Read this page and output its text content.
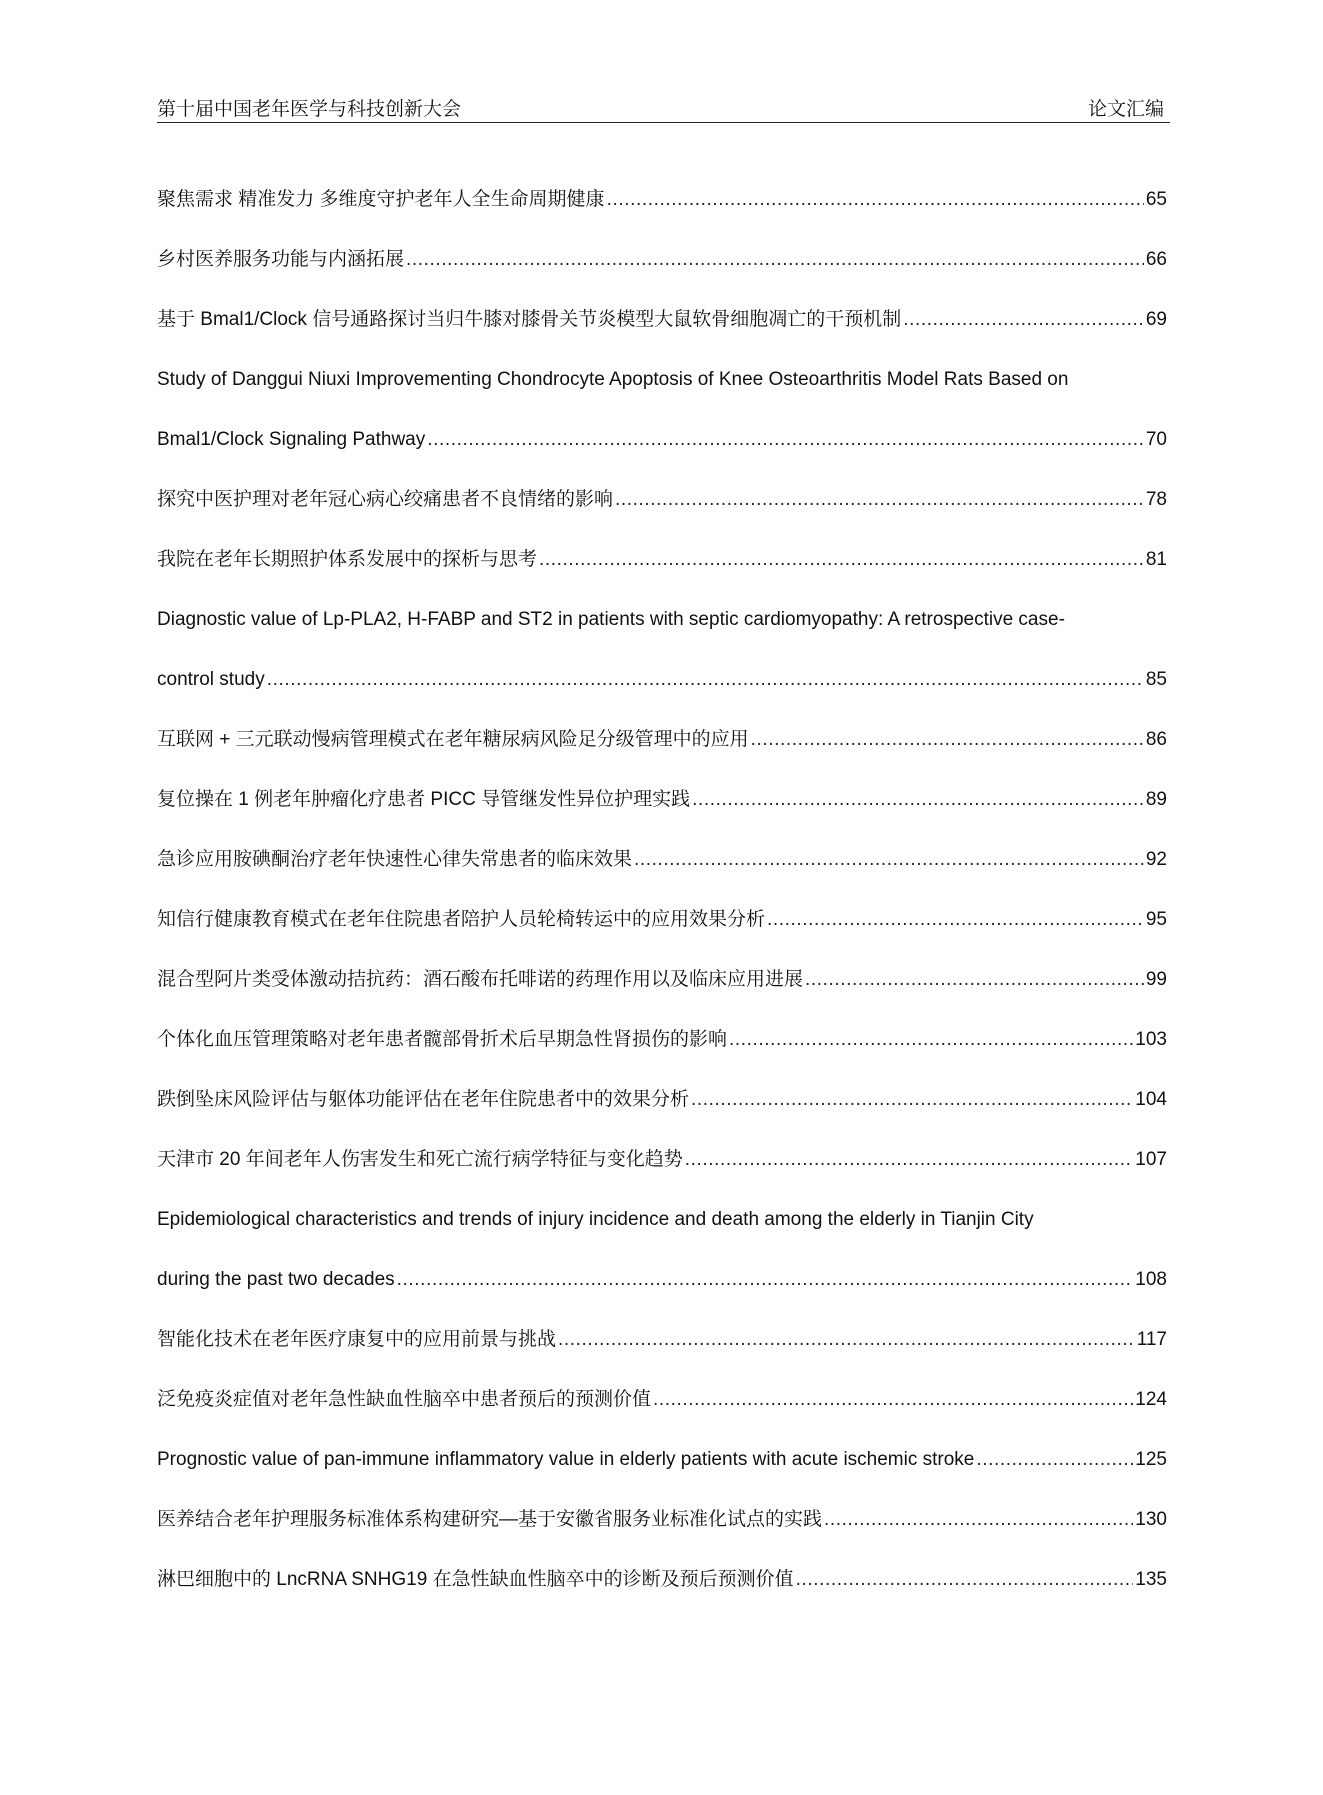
第十届中国老年医学与科技创新大会	论文汇编
聚焦需求 精准发力 多维度守护老年人全生命周期健康 .....	65
乡村医养服务功能与内涵拓展 .....	66
基于 Bmal1/Clock 信号通路探讨当归牛膝对膝骨关节炎模型大鼠软骨细胞凋亡的干预机制 .....	69
Study of Danggui Niuxi Improvementing Chondrocyte Apoptosis of Knee Osteoarthritis Model Rats Based on
Bmal1/Clock Signaling Pathway .....	70
探究中医护理对老年冠心病心绞痛患者不良情绪的影响 .....	78
我院在老年长期照护体系发展中的探析与思考 .....	81
Diagnostic value of Lp-PLA2, H-FABP and ST2 in patients with septic cardiomyopathy: A retrospective case-
control study .....	85
互联网 + 三元联动慢病管理模式在老年糖尿病风险足分级管理中的应用 .....	86
复位操在 1 例老年肿瘤化疗患者 PICC 导管继发性异位护理实践 .....	89
急诊应用胺碘酮治疗老年快速性心律失常患者的临床效果 .....	92
知信行健康教育模式在老年住院患者陪护人员轮椅转运中的应用效果分析 .....	95
混合型阿片类受体激动拮抗药：酒石酸布托啡诺的药理作用以及临床应用进展 .....	99
个体化血压管理策略对老年患者髋部骨折术后早期急性肾损伤的影响 .....	103
跌倒坠床风险评估与躯体功能评估在老年住院患者中的效果分析 .....	104
天津市 20 年间老年人伤害发生和死亡流行病学特征与变化趋势 .....	107
Epidemiological characteristics and trends of injury incidence and death among the elderly in Tianjin City
during the past two decades .....	108
智能化技术在老年医疗康复中的应用前景与挑战 .....	117
泛免疫炎症值对老年急性缺血性脑卒中患者预后的预测价值 .....	124
Prognostic value of pan-immune inflammatory value in elderly patients with acute ischemic stroke .....	125
医养结合老年护理服务标准体系构建研究—基于安徽省服务业标准化试点的实践 .....	130
淋巴细胞中的 LncRNA SNHG19 在急性缺血性脑卒中的诊断及预后预测价值 .....	135
